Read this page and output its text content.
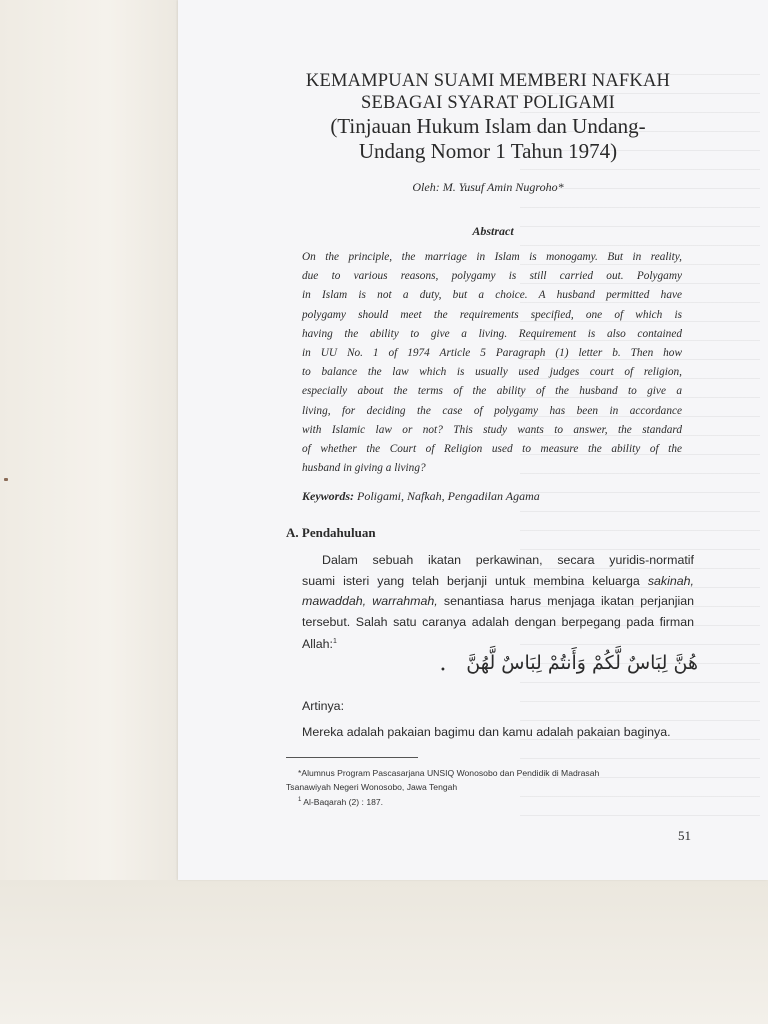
KEMAMPUAN SUAMI MEMBERI NAFKAH
SEBAGAI SYARAT POLIGAMI
(Tinjauan Hukum Islam dan Undang-
Undang Nomor 1 Tahun 1974)
Oleh: M. Yusuf Amin Nugroho*
Abstract
On the principle, the marriage in Islam is monogamy. But in reality,
due to various reasons, polygamy is still carried out. Polygamy
in Islam is not a duty, but a choice. A husband permitted have
polygamy should meet the requirements specified, one of which is
having the ability to give a living. Requirement is also contained
in UU No. 1 of 1974 Article 5 Paragraph (1) letter b. Then how
to balance the law which is usually used judges court of religion,
especially about the terms of the ability of the husband to give a
living, for deciding the case of polygamy has been in accordance
with Islamic law or not? This study wants to answer, the standard
of whether the Court of Religion used to measure the ability of the
husband in giving a living?
Keywords: Poligami, Nafkah, Pengadilan Agama
A. Pendahuluan
Dalam sebuah ikatan perkawinan, secara yuridis-normatif
suami isteri yang telah berjanji untuk membina keluarga sakinah,
mawaddah, warrahmah, senantiasa harus menjaga ikatan perjanjian
tersebut. Salah satu caranya adalah dengan berpegang pada firman
Allah:$^1$
•	هُنَّ لِبَاسٌ لَّكُمْ وَأَنتُمْ لِبَاسٌ لَّهُنَّ
Artinya:
Mereka adalah pakaian bagimu dan kamu adalah pakaian baginya.
*Alumnus Program Pascasarjana UNSIQ Wonosobo dan Pendidik di Madrasah
Tsanawiyah Negeri Wonosobo, Jawa Tengah
$^1$ Al-Baqarah (2) : 187.
51
